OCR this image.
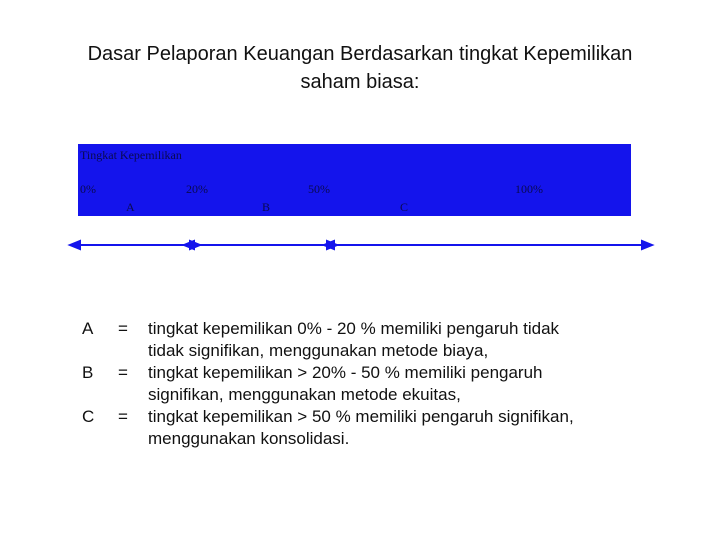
Dasar Pelaporan Keuangan Berdasarkan tingkat Kepemilikan
saham biasa:
Tingkat Kepemilikan
0%	20%	50%	100%
A	B	C
A	=	tingkat kepemilikan 0% - 20 % memiliki pengaruh tidak
tidak signifikan, menggunakan metode biaya,
B	=	tingkat kepemilikan > 20% - 50 % memiliki pengaruh
signifikan, menggunakan metode ekuitas,
C	=	tingkat kepemilikan > 50 % memiliki pengaruh signifikan,
menggunakan konsolidasi.
